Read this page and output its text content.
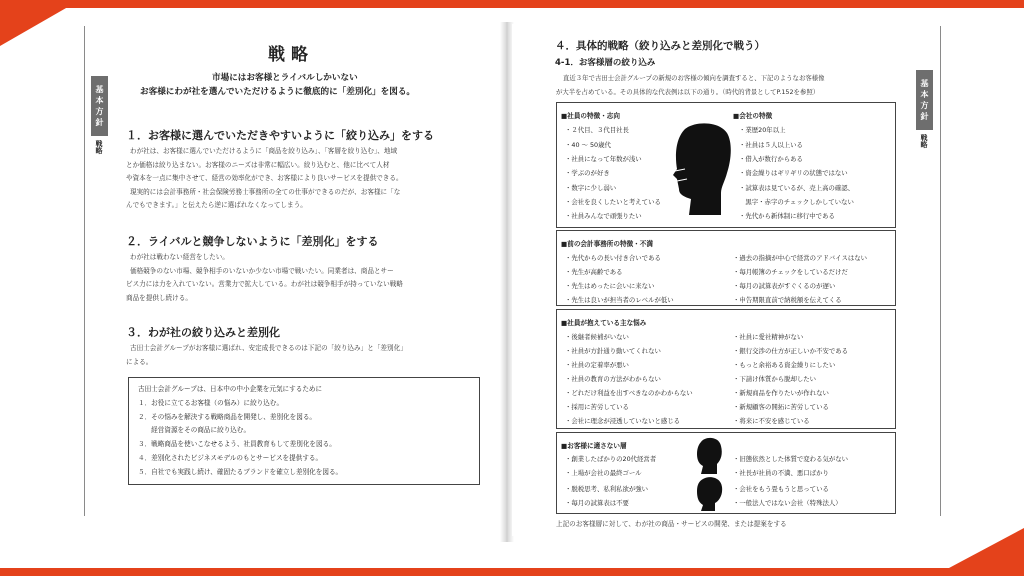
基
本
方
針
戦略
戦略
市場にはお客様とライバルしかいない
お客様にわが社を選んでいただけるように徹底的に「差別化」を図る。
１．お客様に選んでいただきやすいように「絞り込み」をする
わが社は、お客様に選んでいただけるように「商品を絞り込み」、「客層を絞り込む」、地域
とか価格は絞り込まない。お客様のニーズは非常に幅広い。絞り込むと、他に比べて人材
や資本を一点に集中させて、経営の効率化ができ、お客様により良いサービスを提供できる。
現実的には会計事務所・社会保険労務士事務所の全ての仕事ができるのだが、お客様に「な
んでもできます。」と伝えたら逆に選ばれなくなってしまう。
２．ライバルと競争しないように「差別化」をする
わが社は戦わない経営をしたい。
価格競争のない市場、競争相手のいないか少ない市場で戦いたい。同業者は、商品とサー
ビス力には力を入れていない。営業力で拡大している。わが社は競争相手が持っていない戦略
商品を提供し続ける。
３．わが社の絞り込みと差別化
古田士会計グループがお客様に選ばれ、安定成長できるのは下記の「絞り込み」と「差別化」
による。
古田士会計グループは、日本中の中小企業を元気にするために
１．お役に立てるお客様（の悩み）に絞り込む。
２．その悩みを解決する戦略商品を開発し、差別化を図る。
　　経営資源をその商品に絞り込む。
３．戦略商品を使いこなせるよう、社員教育もして差別化を図る。
４．差別化されたビジネスモデルのもとサービスを提供する。
５．自社でも実践し続け、確固たるブランドを確立し差別化を図る。
基
本
方
針
戦略
４．具体的戦略（絞り込みと差別化で戦う）
4-1．お客様層の絞り込み
直近３年で古田士会計グループの新規のお客様の傾向を調査すると、下記のようなお客様像
が大半を占めている。その具体的な代表例は以下の通り。（時代的背景としてP.152を参照）
■社員の特徴・志向	■会社の特徴
・２代目、３代目社長
・40 ～ 50歳代
・社員になって年数が浅い
・学ぶのが好き
・数字に少し弱い
・会社を良くしたいと考えている
・社員みんなで頑張りたい
・業歴20年以上
・社員は５人以上いる
・借入が数行からある
・資金繰りはギリギリの状態ではない
・試算表は見ているが、売上高の確認、
　黒字・赤字のチェックしかしていない
・先代から新体制に移行中である
■前の会計事務所の特徴・不満
・先代からの長い付き合いである
・先生が高齢である
・先生はめったに会いに来ない
・先生は良いが担当者のレベルが低い
・過去の指摘が中心で経営のアドバイスはない
・毎月帳簿のチェックをしているだけだ
・毎月の試算表がすぐくるのが遅い
・申告期限直前で納税額を伝えてくる
■社員が抱えている主な悩み
・後継者候補がいない
・社員が方針通り動いてくれない
・社員の定着率が悪い
・社員の教育の方法がわからない
・どれだけ利益を出すべきなのかわからない
・採用に苦労している
・会社に理念が浸透していないと感じる
・社員に愛社精神がない
・銀行交渉の仕方が正しいか不安である
・もっと余裕ある資金繰りにしたい
・下請け体質から脱却したい
・新規商品を作りたいが作れない
・新規顧客の開拓に苦労している
・将来に不安を感じている
■お客様に適さない層
・創業したばかりの20代経営者
・上場が会社の最終ゴール
・脱税思考、私利私欲が強い
・毎月の試算表は不要
・旧態依然とした体質で変わる気がない
・社長が社員の不満、悪口ばかり
・会社をもう畳もうと思っている
・一般法人ではない会社（特殊法人）
上記のお客様層に対して、わが社の商品・サービスの開発、または提案をする
